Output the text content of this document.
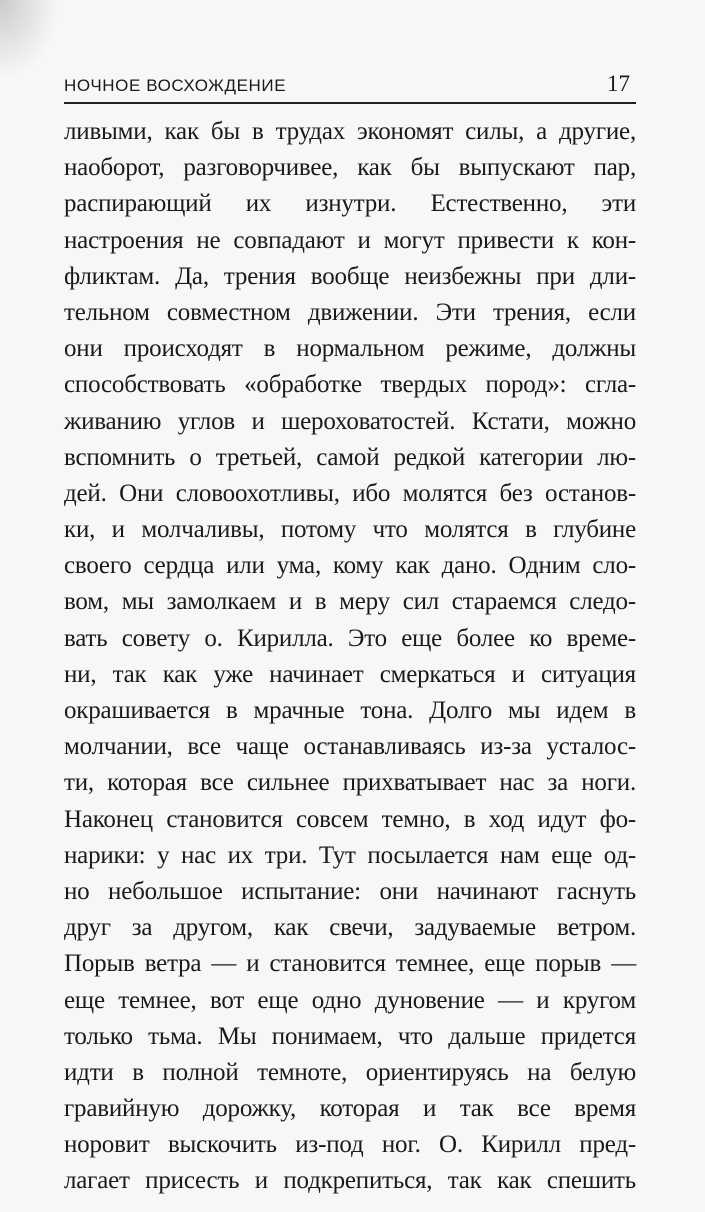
НОЧНОЕ ВОСХОЖДЕНИЕ	17
ливыми, как бы в трудах экономят силы, а другие,
наоборот, разговорчивее, как бы выпускают пар,
распирающий их изнутри. Естественно, эти
настроения не совпадают и могут привести к кон-
фликтам. Да, трения вообще неизбежны при дли-
тельном совместном движении. Эти трения, если
они происходят в нормальном режиме, должны
способствовать «обработке твердых пород»: сгла-
живанию углов и шероховатостей. Кстати, можно
вспомнить о третьей, самой редкой категории лю-
дей. Они словоохотливы, ибо молятся без останов-
ки, и молчаливы, потому что молятся в глубине
своего сердца или ума, кому как дано. Одним сло-
вом, мы замолкаем и в меру сил стараемся следо-
вать совету о. Кирилла. Это еще более ко време-
ни, так как уже начинает смеркаться и ситуация
окрашивается в мрачные тона. Долго мы идем в
молчании, все чаще останавливаясь из-за усталос-
ти, которая все сильнее прихватывает нас за ноги.
Наконец становится совсем темно, в ход идут фо-
нарики: у нас их три. Тут посылается нам еще од-
но небольшое испытание: они начинают гаснуть
друг за другом, как свечи, задуваемые ветром.
Порыв ветра — и становится темнее, еще порыв —
еще темнее, вот еще одно дуновение — и кругом
только тьма. Мы понимаем, что дальше придется
идти в полной темноте, ориентируясь на белую
гравийную дорожку, которая и так все время
норовит выскочить из-под ног. О. Кирилл пред-
лагает присесть и подкрепиться, так как спешить
